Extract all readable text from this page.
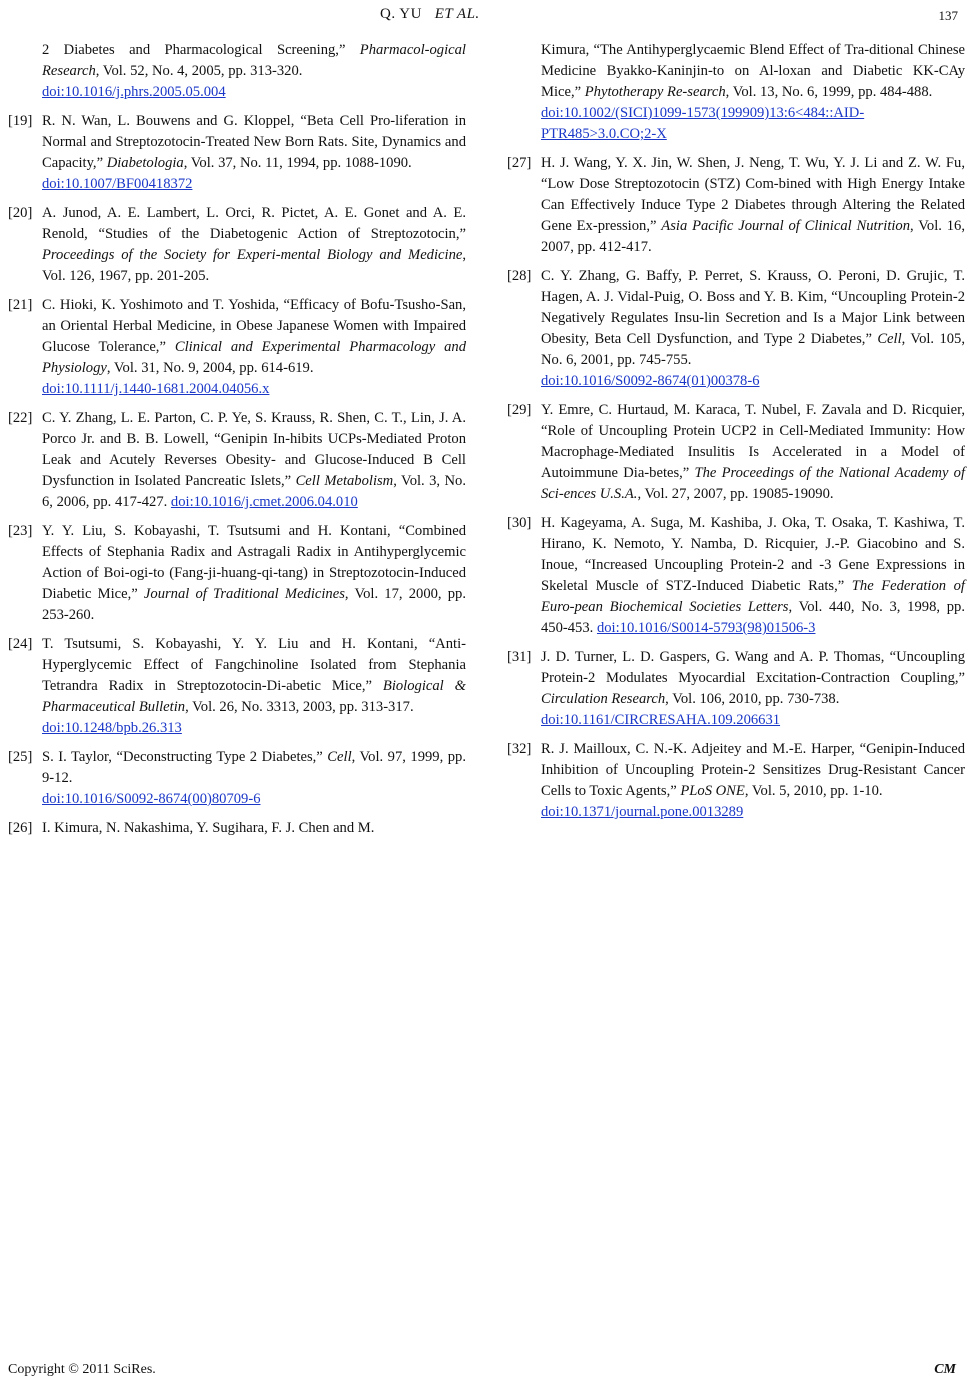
Q. YU ET AL.	137
2 Diabetes and Pharmacological Screening,” Pharmacol-ogical Research, Vol. 52, No. 4, 2005, pp. 313-320.
doi:10.1016/j.phrs.2005.05.004
[19] R. N. Wan, L. Bouwens and G. Kloppel, “Beta Cell Pro-liferation in Normal and Streptozotocin-Treated New Born Rats. Site, Dynamics and Capacity,” Diabetologia, Vol. 37, No. 11, 1994, pp. 1088-1090.
doi:10.1007/BF00418372
[20] A. Junod, A. E. Lambert, L. Orci, R. Pictet, A. E. Gonet and A. E. Renold, “Studies of the Diabetogenic Action of Streptozotocin,” Proceedings of the Society for Experi-mental Biology and Medicine, Vol. 126, 1967, pp. 201-205.
[21] C. Hioki, K. Yoshimoto and T. Yoshida, “Efficacy of Bofu-Tsusho-San, an Oriental Herbal Medicine, in Obese Japanese Women with Impaired Glucose Tolerance,” Clinical and Experimental Pharmacology and Physiology, Vol. 31, No. 9, 2004, pp. 614-619.
doi:10.1111/j.1440-1681.2004.04056.x
[22] C. Y. Zhang, L. E. Parton, C. P. Ye, S. Krauss, R. Shen, C. T., Lin, J. A. Porco Jr. and B. B. Lowell, “Genipin In-hibits UCPs-Mediated Proton Leak and Acutely Reverses Obesity- and Glucose-Induced B Cell Dysfunction in Isolated Pancreatic Islets,” Cell Metabolism, Vol. 3, No. 6, 2006, pp. 417-427. doi:10.1016/j.cmet.2006.04.010
[23] Y. Y. Liu, S. Kobayashi, T. Tsutsumi and H. Kontani, “Combined Effects of Stephania Radix and Astragali Radix in Antihyperglycemic Action of Boi-ogi-to (Fang-ji-huang-qi-tang) in Streptozotocin-Induced Diabetic Mice,” Journal of Traditional Medicines, Vol. 17, 2000, pp. 253-260.
[24] T. Tsutsumi, S. Kobayashi, Y. Y. Liu and H. Kontani, “Anti-Hyperglycemic Effect of Fangchinoline Isolated from Stephania Tetrandra Radix in Streptozotocin-Di-abetic Mice,” Biological & Pharmaceutical Bulletin, Vol. 26, No. 3313, 2003, pp. 313-317.
doi:10.1248/bpb.26.313
[25] S. I. Taylor, “Deconstructing Type 2 Diabetes,” Cell, Vol. 97, 1999, pp. 9-12.
doi:10.1016/S0092-8674(00)80709-6
[26] I. Kimura, N. Nakashima, Y. Sugihara, F. J. Chen and M.
Kimura, “The Antihyperglycaemic Blend Effect of Tra-ditional Chinese Medicine Byakko-Kaninjin-to on Al-loxan and Diabetic KK-CAy Mice,” Phytotherapy Re-search, Vol. 13, No. 6, 1999, pp. 484-488.
doi:10.1002/(SICI)1099-1573(199909)13:6<484::AID-PTR485>3.0.CO;2-X
[27] H. J. Wang, Y. X. Jin, W. Shen, J. Neng, T. Wu, Y. J. Li and Z. W. Fu, “Low Dose Streptozotocin (STZ) Com-bined with High Energy Intake Can Effectively Induce Type 2 Diabetes through Altering the Related Gene Ex-pression,” Asia Pacific Journal of Clinical Nutrition, Vol. 16, 2007, pp. 412-417.
[28] C. Y. Zhang, G. Baffy, P. Perret, S. Krauss, O. Peroni, D. Grujic, T. Hagen, A. J. Vidal-Puig, O. Boss and Y. B. Kim, “Uncoupling Protein-2 Negatively Regulates Insu-lin Secretion and Is a Major Link between Obesity, Beta Cell Dysfunction, and Type 2 Diabetes,” Cell, Vol. 105, No. 6, 2001, pp. 745-755.
doi:10.1016/S0092-8674(01)00378-6
[29] Y. Emre, C. Hurtaud, M. Karaca, T. Nubel, F. Zavala and D. Ricquier, “Role of Uncoupling Protein UCP2 in Cell-Mediated Immunity: How Macrophage-Mediated Insulitis Is Accelerated in a Model of Autoimmune Dia-betes,” The Proceedings of the National Academy of Sci-ences U.S.A., Vol. 27, 2007, pp. 19085-19090.
[30] H. Kageyama, A. Suga, M. Kashiba, J. Oka, T. Osaka, T. Kashiwa, T. Hirano, K. Nemoto, Y. Namba, D. Ricquier, J.-P. Giacobino and S. Inoue, “Increased Uncoupling Protein-2 and -3 Gene Expressions in Skeletal Muscle of STZ-Induced Diabetic Rats,” The Federation of Euro-pean Biochemical Societies Letters, Vol. 440, No. 3, 1998, pp. 450-453. doi:10.1016/S0014-5793(98)01506-3
[31] J. D. Turner, L. D. Gaspers, G. Wang and A. P. Thomas, “Uncoupling Protein-2 Modulates Myocardial Excitation-Contraction Coupling,” Circulation Research, Vol. 106, 2010, pp. 730-738.
doi:10.1161/CIRCRESAHA.109.206631
[32] R. J. Mailloux, C. N.-K. Adjeitey and M.-E. Harper, “Genipin-Induced Inhibition of Uncoupling Protein-2 Sensitizes Drug-Resistant Cancer Cells to Toxic Agents,” PLoS ONE, Vol. 5, 2010, pp. 1-10.
doi:10.1371/journal.pone.0013289
Copyright © 2011 SciRes.	CM
